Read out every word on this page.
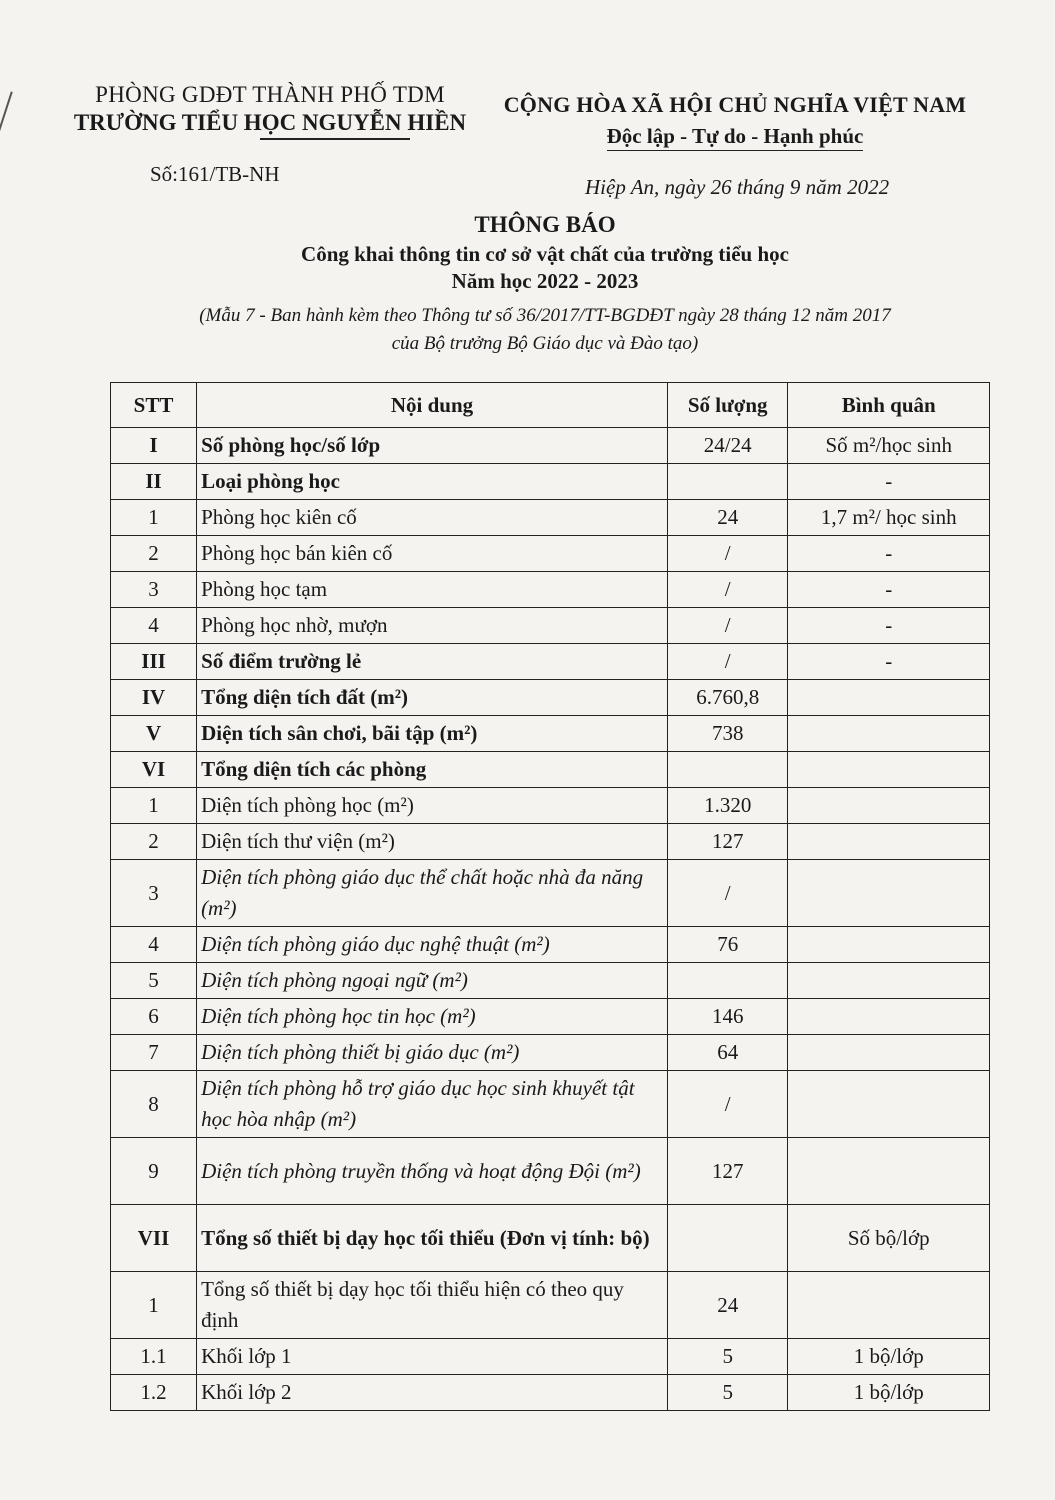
PHÒNG GDĐT THÀNH PHỐ TDM
TRƯỜNG TIỂU HỌC NGUYỄN HIỀN
CỘNG HÒA XÃ HỘI CHỦ NGHĨA VIỆT NAM
Độc lập - Tự do - Hạnh phúc
Số:161/TB-NH
Hiệp An, ngày 26 tháng 9 năm 2022
THÔNG BÁO
Công khai thông tin cơ sở vật chất của trường tiểu học
Năm học 2022 - 2023
(Mẫu 7 - Ban hành kèm theo Thông tư số 36/2017/TT-BGDĐT ngày 28 tháng 12 năm 2017
của Bộ trưởng Bộ Giáo dục và Đào tạo)
STT	Nội dung	Số lượng	Bình quân
I	Số phòng học/số lớp	24/24	Số m²/học sinh
II	Loại phòng học		-
1	Phòng học kiên cố	24	1,7 m²/ học sinh
2	Phòng học bán kiên cố	/	-
3	Phòng học tạm	/	-
4	Phòng học nhờ, mượn	/	-
III	Số điểm trường lẻ	/	-
IV	Tổng diện tích đất (m²)	6.760,8	
V	Diện tích sân chơi, bãi tập (m²)	738	
VI	Tổng diện tích các phòng		
1	Diện tích phòng học (m²)	1.320	
2	Diện tích thư viện (m²)	127	
3	Diện tích phòng giáo dục thể chất hoặc nhà đa năng (m²)	/	
4	Diện tích phòng giáo dục nghệ thuật (m²)	76	
5	Diện tích phòng ngoại ngữ (m²)		
6	Diện tích phòng học tin học (m²)	146	
7	Diện tích phòng thiết bị giáo dục (m²)	64	
8	Diện tích phòng hỗ trợ giáo dục học sinh khuyết tật học hòa nhập (m²)	/	
9	Diện tích phòng truyền thống và hoạt động Đội (m²)	127	
VII	Tổng số thiết bị dạy học tối thiểu (Đơn vị tính: bộ)		Số bộ/lớp
1	Tổng số thiết bị dạy học tối thiểu hiện có theo quy định	24	
1.1	Khối lớp 1	5	1 bộ/lớp
1.2	Khối lớp 2	5	1 bộ/lớp
